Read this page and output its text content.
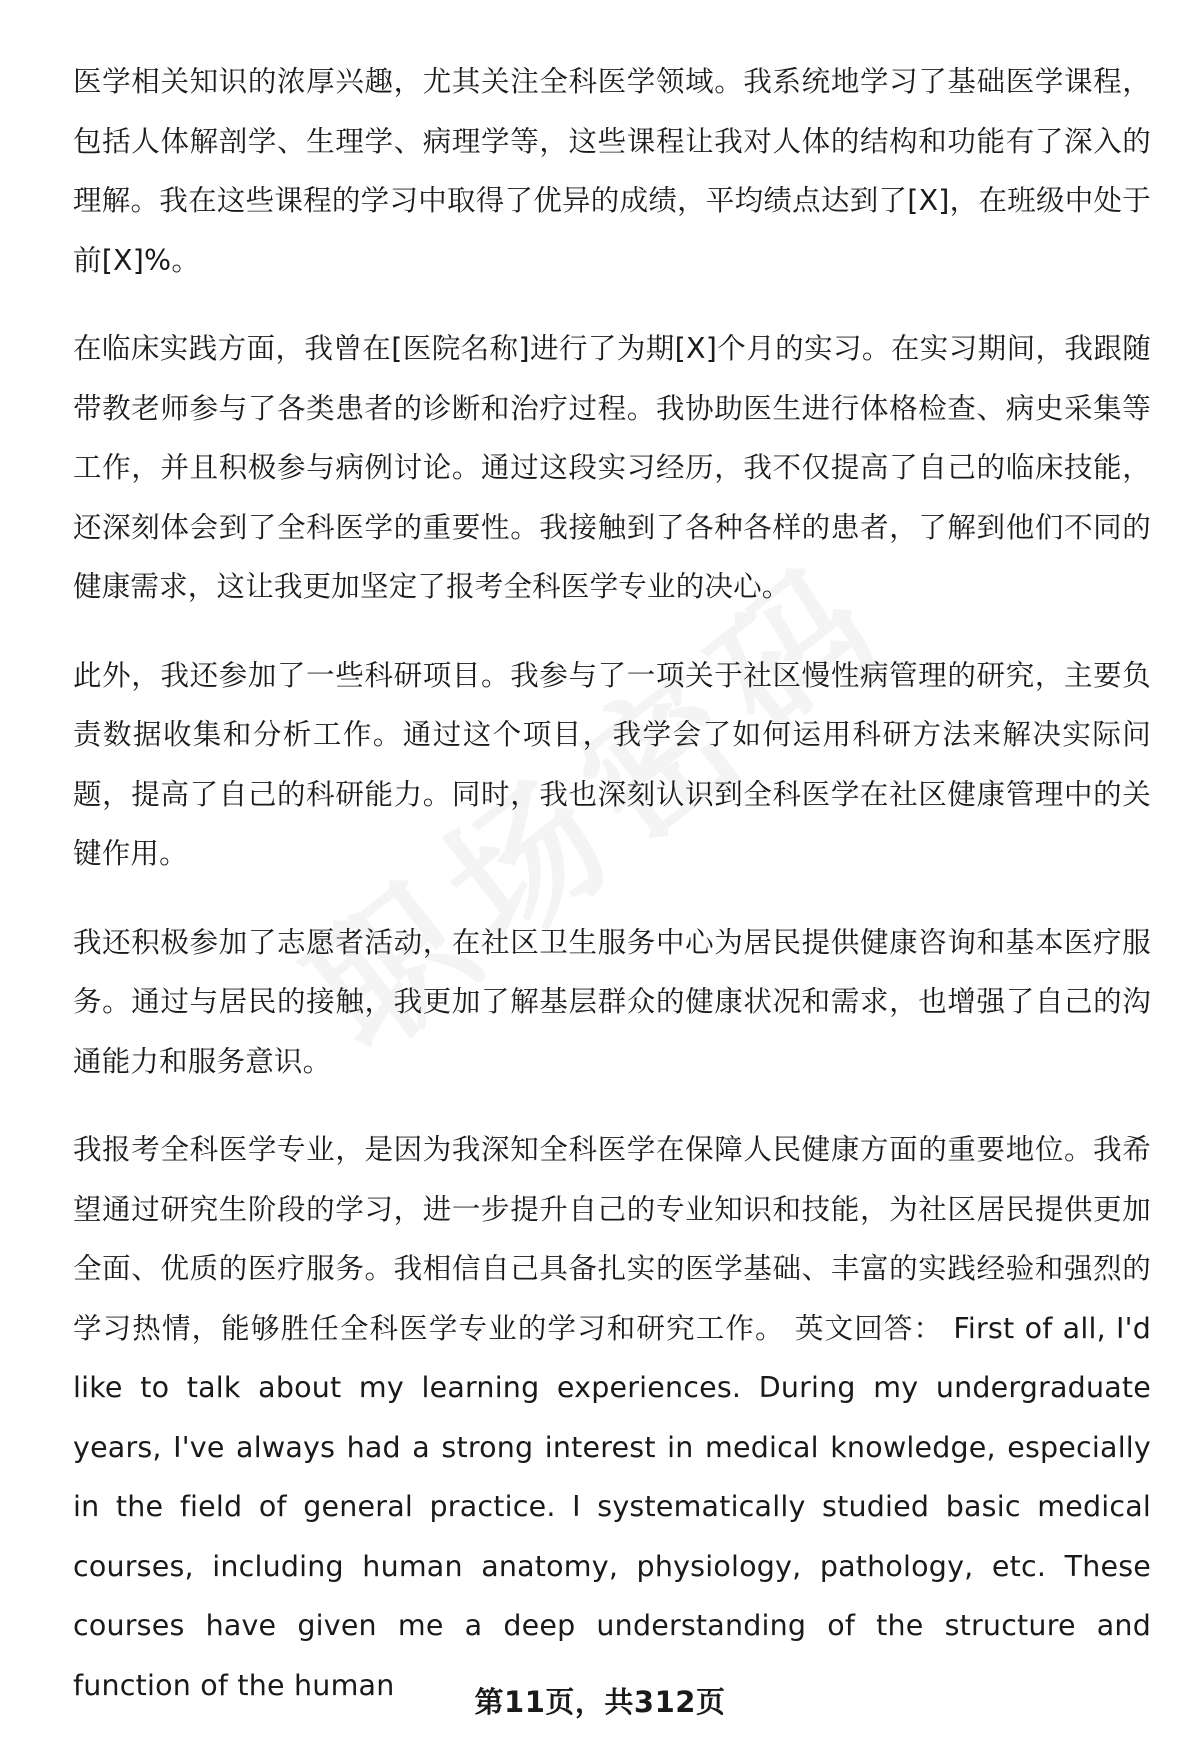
医学相关知识的浓厚兴趣，尤其关注全科医学领域。我系统地学习了基础医学课程，包括人体解剖学、生理学、病理学等，这些课程让我对人体的结构和功能有了深入的理解。我在这些课程的学习中取得了优异的成绩，平均绩点达到了[X]，在班级中处于前[X]%。

在临床实践方面，我曾在[医院名称]进行了为期[X]个月的实习。在实习期间，我跟随带教老师参与了各类患者的诊断和治疗过程。我协助医生进行体格检查、病史采集等工作，并且积极参与病例讨论。通过这段实习经历，我不仅提高了自己的临床技能，还深刻体会到了全科医学的重要性。我接触到了各种各样的患者，了解到他们不同的健康需求，这让我更加坚定了报考全科医学专业的决心。

此外，我还参加了一些科研项目。我参与了一项关于社区慢性病管理的研究，主要负责数据收集和分析工作。通过这个项目，我学会了如何运用科研方法来解决实际问题，提高了自己的科研能力。同时，我也深刻认识到全科医学在社区健康管理中的关键作用。

我还积极参加了志愿者活动，在社区卫生服务中心为居民提供健康咨询和基本医疗服务。通过与居民的接触，我更加了解基层群众的健康状况和需求，也增强了自己的沟通能力和服务意识。

我报考全科医学专业，是因为我深知全科医学在保障人民健康方面的重要地位。我希望通过研究生阶段的学习，进一步提升自己的专业知识和技能，为社区居民提供更加全面、优质的医疗服务。我相信自己具备扎实的医学基础、丰富的实践经验和强烈的学习热情，能够胜任全科医学专业的学习和研究工作。 英文回答： First of all, I'd like to talk about my learning experiences. During my undergraduate years, I've always had a strong interest in medical knowledge, especially in the field of general practice. I systematically studied basic medical courses, including human anatomy, physiology, pathology, etc. These courses have given me a deep understanding of the structure and function of the human	第11页，共312页
